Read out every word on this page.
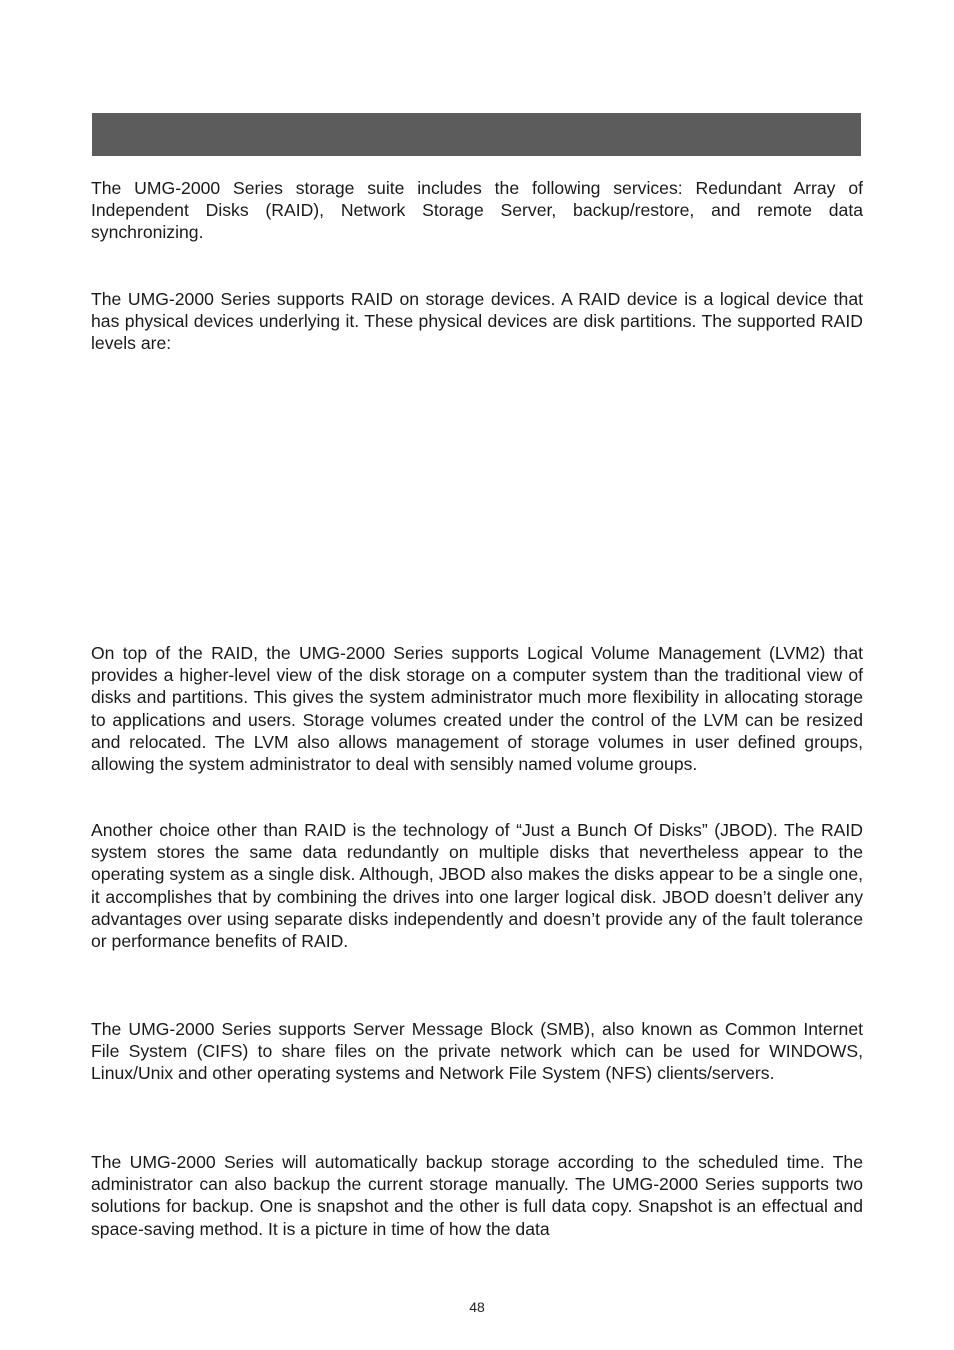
The UMG-2000 Series storage suite includes the following services: Redundant Array of Independent Disks (RAID), Network Storage Server, backup/restore, and remote data synchronizing.

The UMG-2000 Series supports RAID on storage devices. A RAID device is a logical device that has physical devices underlying it. These physical devices are disk partitions. The supported RAID levels are:

On top of the RAID, the UMG-2000 Series supports Logical Volume Management (LVM2) that provides a higher-level view of the disk storage on a computer system than the traditional view of disks and partitions. This gives the system administrator much more flexibility in allocating storage to applications and users. Storage volumes created under the control of the LVM can be resized and relocated. The LVM also allows management of storage volumes in user defined groups, allowing the system administrator to deal with sensibly named volume groups.

Another choice other than RAID is the technology of “Just a Bunch Of Disks” (JBOD). The RAID system stores the same data redundantly on multiple disks that nevertheless appear to the operating system as a single disk. Although, JBOD also makes the disks appear to be a single one, it accomplishes that by combining the drives into one larger logical disk. JBOD doesn’t deliver any advantages over using separate disks independently and doesn’t provide any of the fault tolerance or performance benefits of RAID.

The UMG-2000 Series supports Server Message Block (SMB), also known as Common Internet File System (CIFS) to share files on the private network which can be used for WINDOWS, Linux/Unix and other operating systems and Network File System (NFS) clients/servers.

The UMG-2000 Series will automatically backup storage according to the scheduled time. The administrator can also backup the current storage manually. The UMG-2000 Series supports two solutions for backup. One is snapshot and the other is full data copy. Snapshot is an effectual and space-saving method. It is a picture in time of how the data

48
